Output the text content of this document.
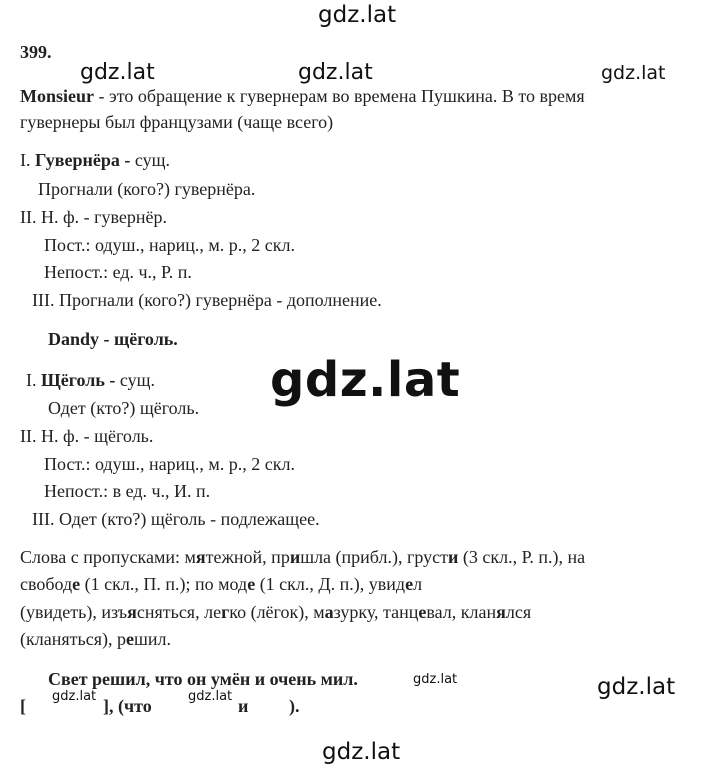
gdz.lat
gdz.lat	gdz.lat	gdz.lat
gdz.lat
gdz.lat
gdz.lat	gdz.lat	gdz.lat
gdz.lat
399.
Monsieur - это обращение к гувернерам во времена Пушкина. В то время
гувернеры был французами (чаще всего)
I. Гувернёра - сущ.
Прогнали (кого?) гувернёра.
II. Н. ф. - гувернёр.
Пост.: одуш., нариц., м. р., 2 скл.
Непост.: ед. ч., Р. п.
III. Прогнали (кого?) гувернёра - дополнение.
Dandy - щёголь.
I. Щёголь - сущ.
Одет (кто?) щёголь.
II. Н. ф. - щёголь.
Пост.: одуш., нариц., м. р., 2 скл.
Непост.: в ед. ч., И. п.
III. Одет (кто?) щёголь - подлежащее.
Слова с пропусками: мятежной, пришла (прибл.), грусти (3 скл., Р. п.), на
свободе (1 скл., П. п.); по моде (1 скл., Д. п.), увидел
(увидеть), изъясняться, легко (лёгок), мазурку, танцевал, кланялся
(кланяться), решил.
Свет решил, что он умён и очень мил.
[	], (что	и ).
